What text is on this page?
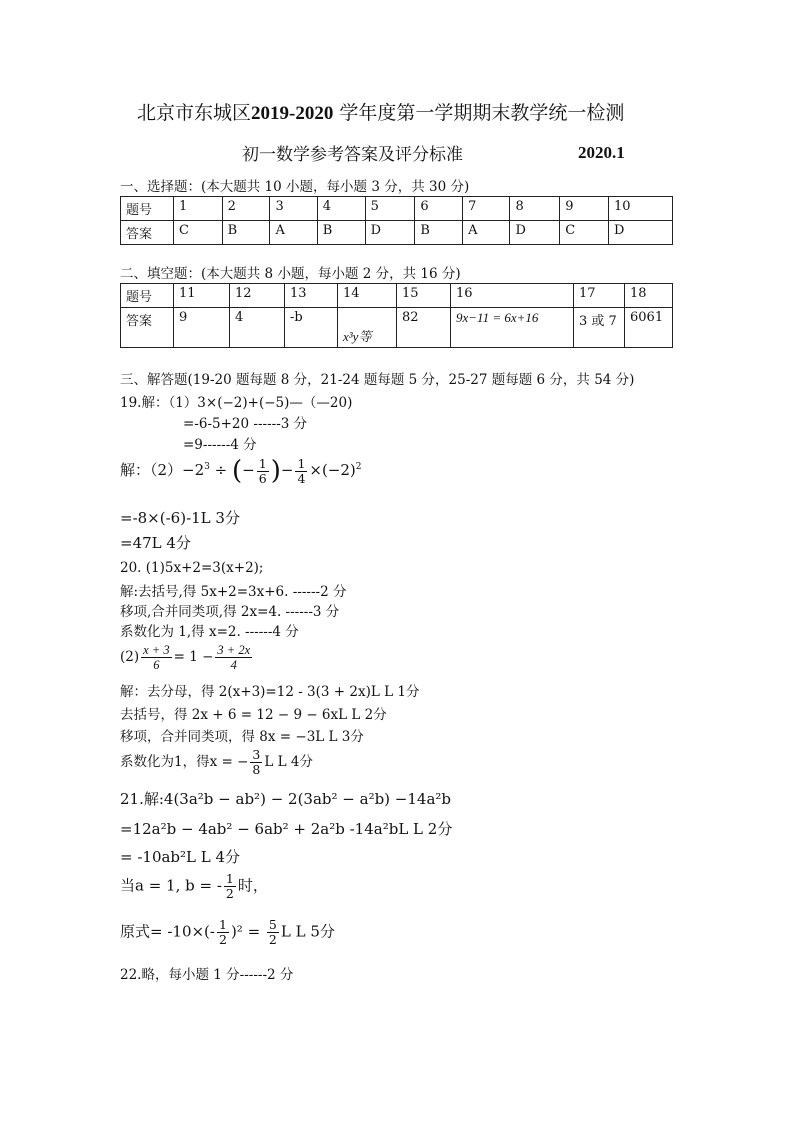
北京市东城区2019-2020 学年度第一学期期末教学统一检测
初一数学参考答案及评分标准	2020.1
一、选择题：(本大题共 10 小题，每小题 3 分，共 30 分)
题号	1	2	3	4	5	6	7	8	9	10
答案	C	B	A	B	D	B	A	D	C	D
二、填空题：(本大题共 8 小题，每小题 2 分，共 16 分)
题号	11	12	13	14	15	16	17	18
答案	9	4	-b	x³y等	82	9x−11 = 6x+16	3 或 7	6061
三、解答题(19-20 题每题 8 分，21-24 题每题 5 分，25-27 题每题 6 分，共 54 分)
19.解：（1）3×(−2)+(−5)—（—20)
=-6-5+20 ------3 分
=9------4 分
解：$(2)-2^3$ ÷ (− $\frac{1}{6}$ )− $\frac{1}{4} \times(-2)^2$
=-8×(-6)-1L 3分
=47L 4分
20. (1)5x+2=3(x+2);
解:去括号,得 5x+2=3x+6. ------2 分
移项,合并同类项,得 2x=4. ------3 分
系数化为 1,得 x=2. ------4 分
$(2) \frac{x + 3}{6} = 1 - \frac{3 + 2x}{4}$
解：去分母，得 2(x+3)=12 - 3(3 + 2x)L L 1分
去括号，得 2x + 6 = 12 − 9 − 6xL L 2分
移项，合并同类项，得 8x = −3L L 3分
系数化为1，得x = − $\frac{3}{8}$ L L 4分
21.解:4(3a²b − ab²) − 2(3ab² − a²b) −14a²b
=12a²b − 4ab² − 6ab² + 2a²b -14a²bL L 2分
= -10ab²L L 4分
当a = 1, b = - $\frac{1}{2}$ 时，
原式= $-10\times(- \frac{1}{2} )^2 = \frac{5}{2}$ L L 5分
22.略，每小题 1 分------2 分
